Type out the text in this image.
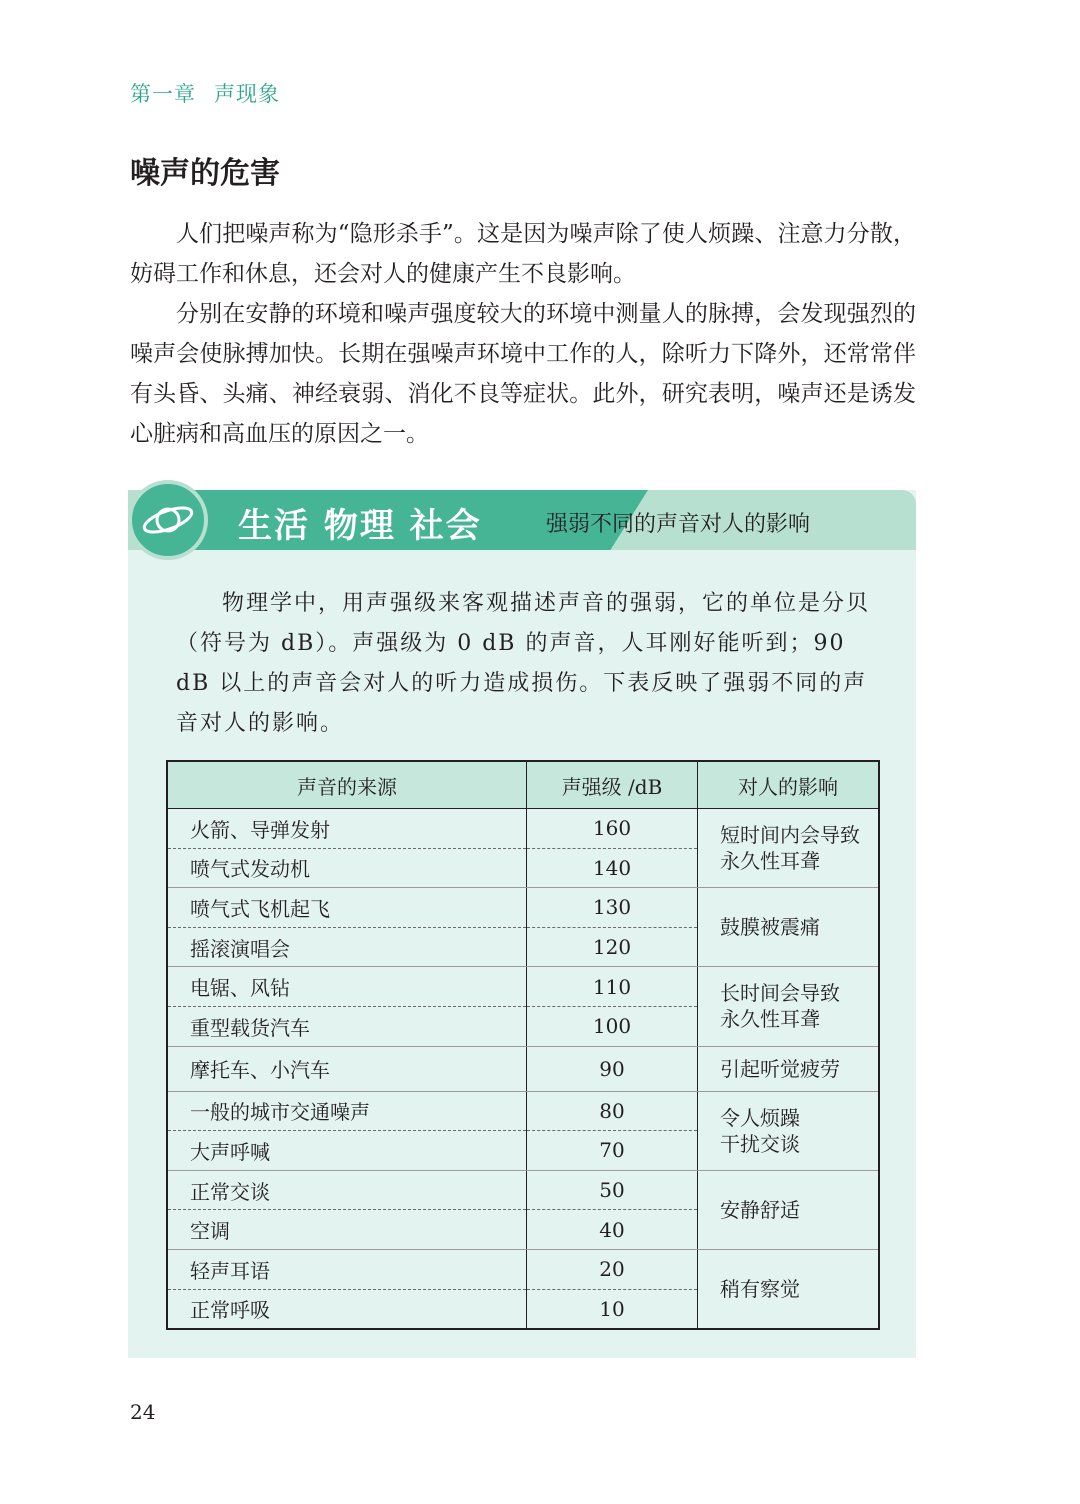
第一章 声现象
噪声的危害

人们把噪声称为“隐形杀手”。这是因为噪声除了使人烦躁、注意力分散，妨碍工作和休息，还会对人的健康产生不良影响。

分别在安静的环境和噪声强度较大的环境中测量人的脉搏，会发现强烈的噪声会使脉搏加快。长期在强噪声环境中工作的人，除听力下降外，还常常伴有头昏、头痛、神经衰弱、消化不良等症状。此外，研究表明，噪声还是诱发心脏病和高血压的原因之一。

生活 物理 社会	强弱不同的声音对人的影响

物理学中，用声强级来客观描述声音的强弱，它的单位是分贝（符号为 dB）。声强级为 0 dB 的声音，人耳刚好能听到；90 dB 以上的声音会对人的听力造成损伤。下表反映了强弱不同的声音对人的影响。

声音的来源	声强级 /dB	对人的影响
火箭、导弹发射	160	短时间内会导致
永久性耳聋
喷气式发动机	140	
喷气式飞机起飞	130	鼓膜被震痛
摇滚演唱会	120	
电锯、风钻	110	长时间会导致
永久性耳聋
重型载货汽车	100	
摩托车、小汽车	90	引起听觉疲劳
一般的城市交通噪声	80	令人烦躁
干扰交谈
大声呼喊	70	
正常交谈	50	安静舒适
空调	40	
轻声耳语	20	稍有察觉
正常呼吸	10	
24
